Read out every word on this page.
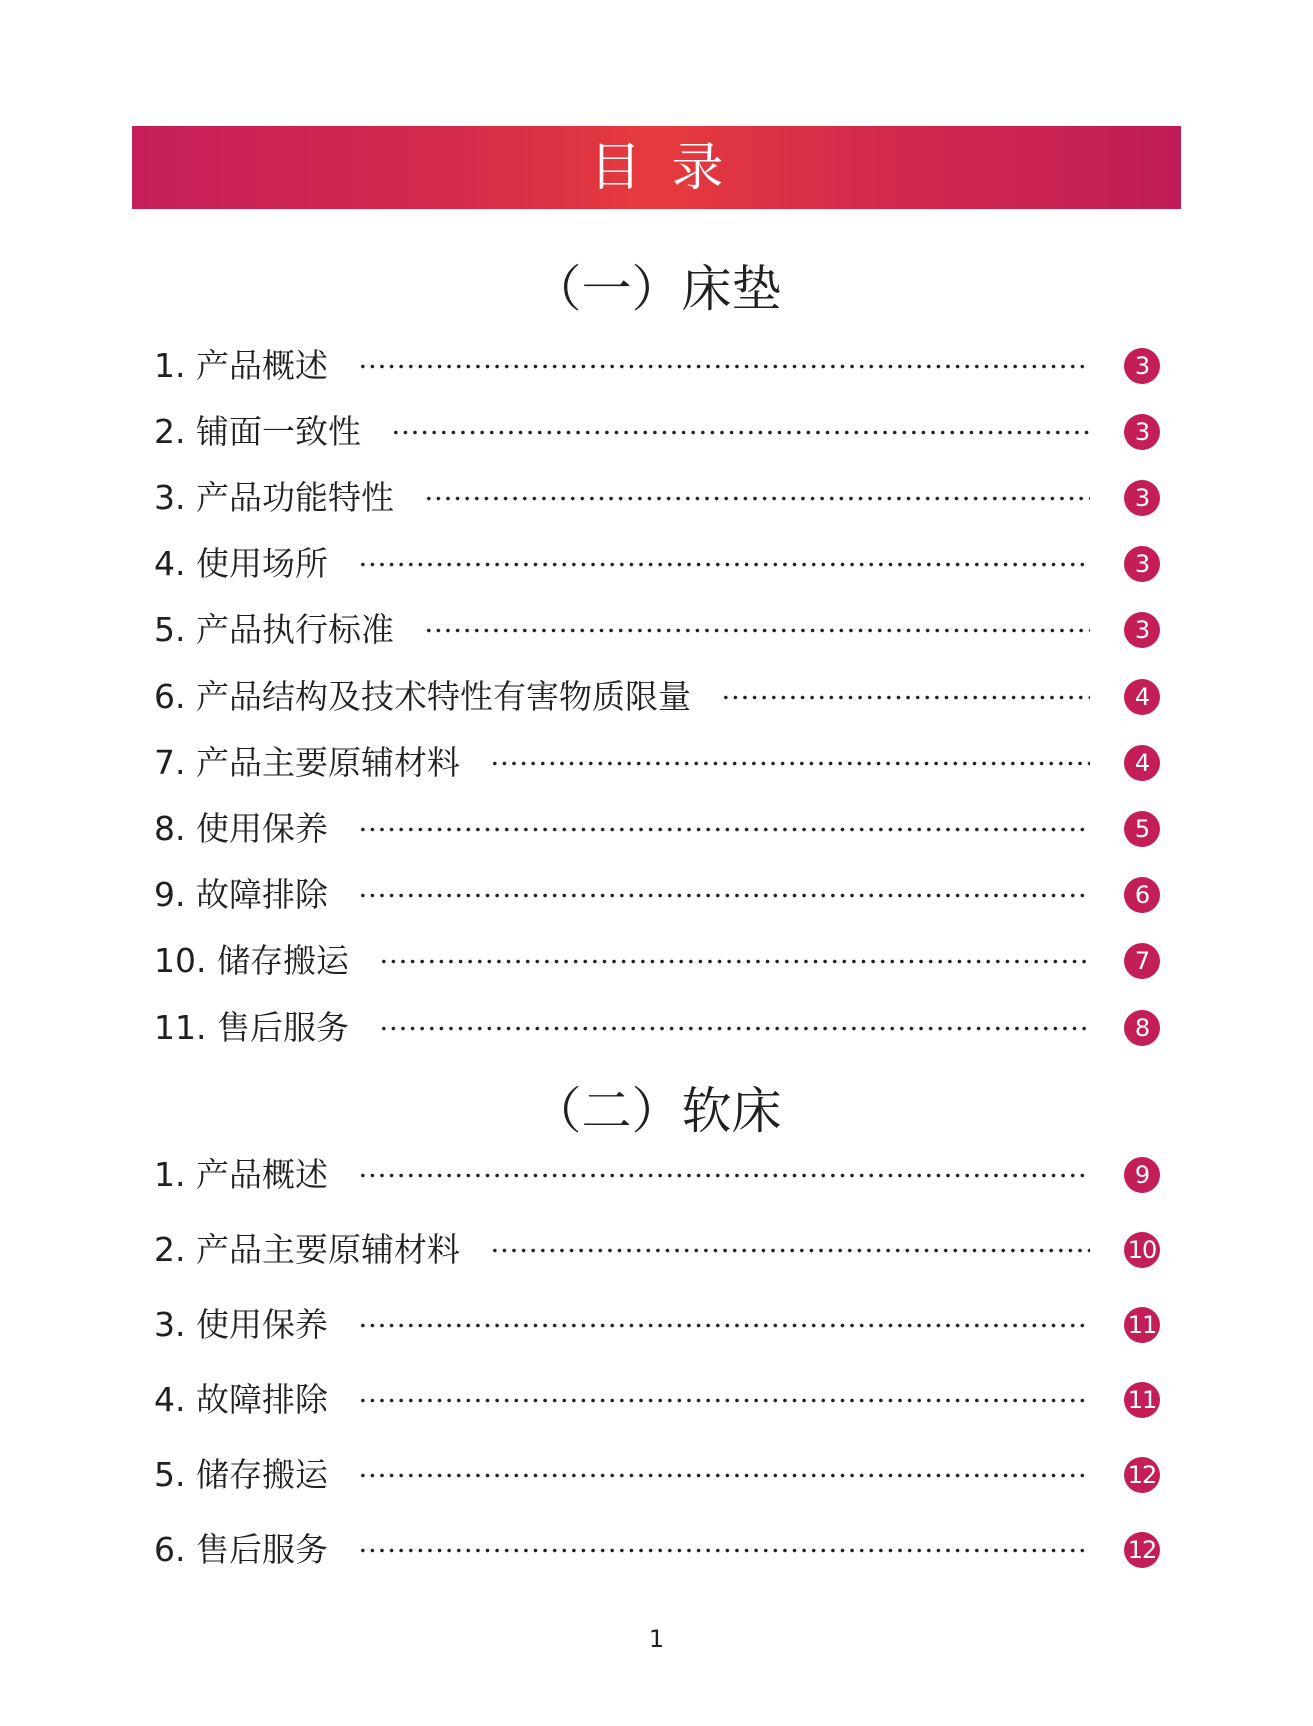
目录
（一）床垫
1. 产品概述	3
2. 铺面一致性	3
3. 产品功能特性	3
4. 使用场所	3
5. 产品执行标准	3
6. 产品结构及技术特性有害物质限量	4
7. 产品主要原辅材料	4
8. 使用保养	5
9. 故障排除	6
10. 储存搬运	7
11. 售后服务	8
（二）软床
1. 产品概述	9
2. 产品主要原辅材料	10
3. 使用保养	11
4. 故障排除	11
5. 储存搬运	12
6. 售后服务	12
1
